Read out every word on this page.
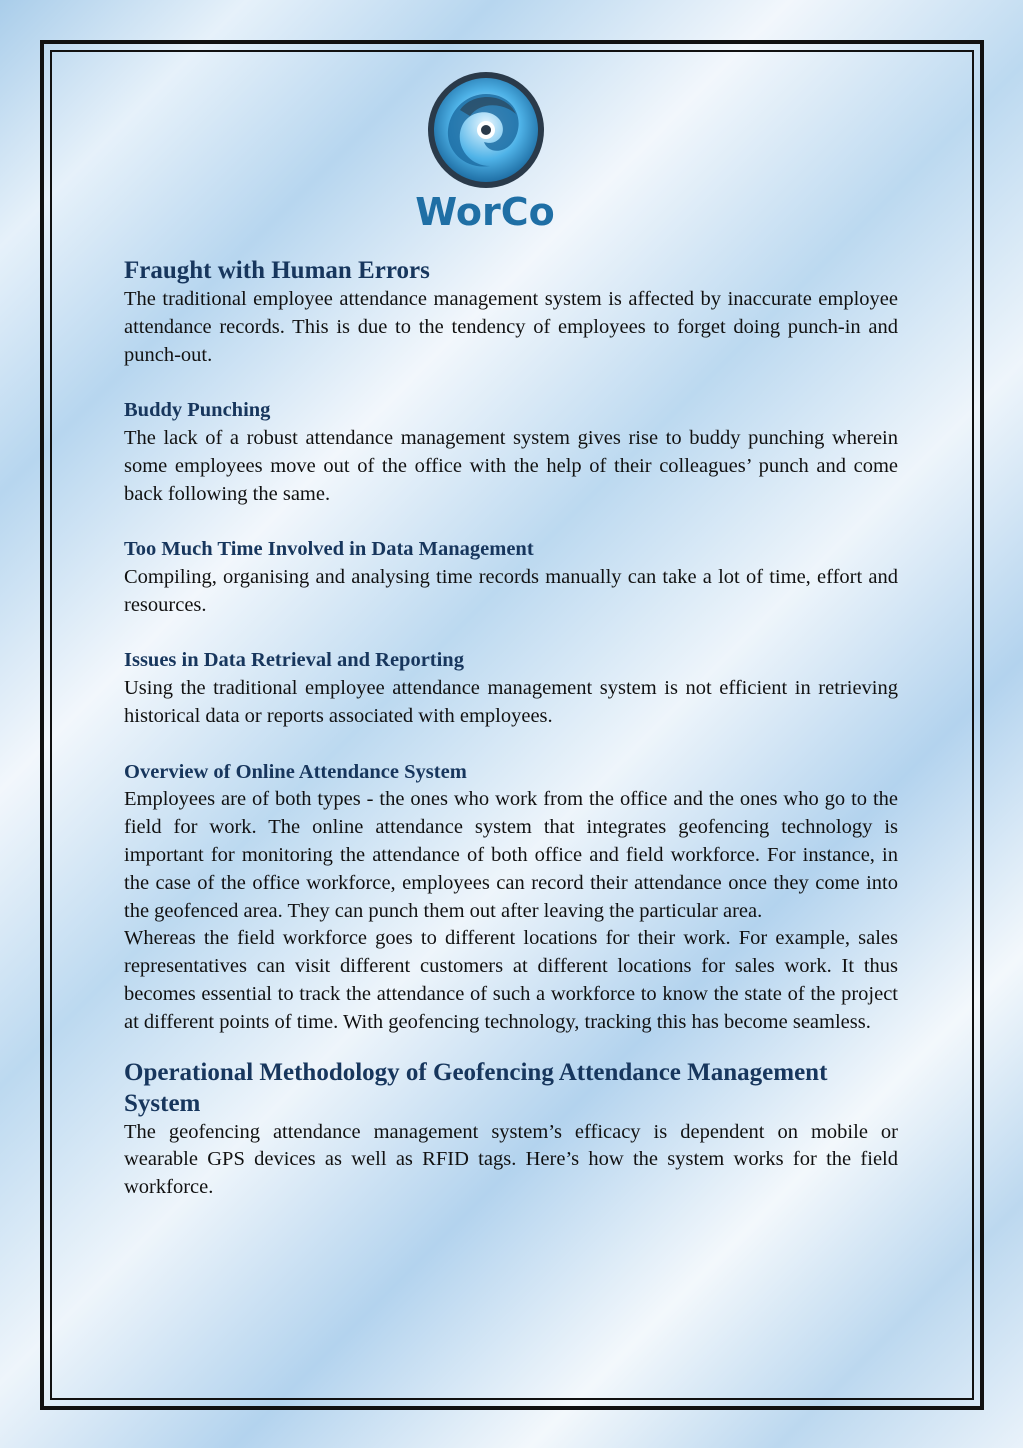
WorCo
Fraught with Human Errors

The traditional employee attendance management system is affected by inaccurate employee attendance records. This is due to the tendency of employees to forget doing punch-in and punch-out.

Buddy Punching

The lack of a robust attendance management system gives rise to buddy punching wherein some employees move out of the office with the help of their colleagues’ punch and come back following the same.

Too Much Time Involved in Data Management

Compiling, organising and analysing time records manually can take a lot of time, effort and resources.

Issues in Data Retrieval and Reporting

Using the traditional employee attendance management system is not efficient in retrieving historical data or reports associated with employees.

Overview of Online Attendance System

Employees are of both types - the ones who work from the office and the ones who go to the field for work. The online attendance system that integrates geofencing technology is important for monitoring the attendance of both office and field workforce. For instance, in the case of the office workforce, employees can record their attendance once they come into the geofenced area. They can punch them out after leaving the particular area.

Whereas the field workforce goes to different locations for their work. For example, sales representatives can visit different customers at different locations for sales work. It thus becomes essential to track the attendance of such a workforce to know the state of the project at different points of time. With geofencing technology, tracking this has become seamless.

Operational Methodology of Geofencing Attendance Management System

The geofencing attendance management system’s efficacy is dependent on mobile or wearable GPS devices as well as RFID tags. Here’s how the system works for the field workforce.
